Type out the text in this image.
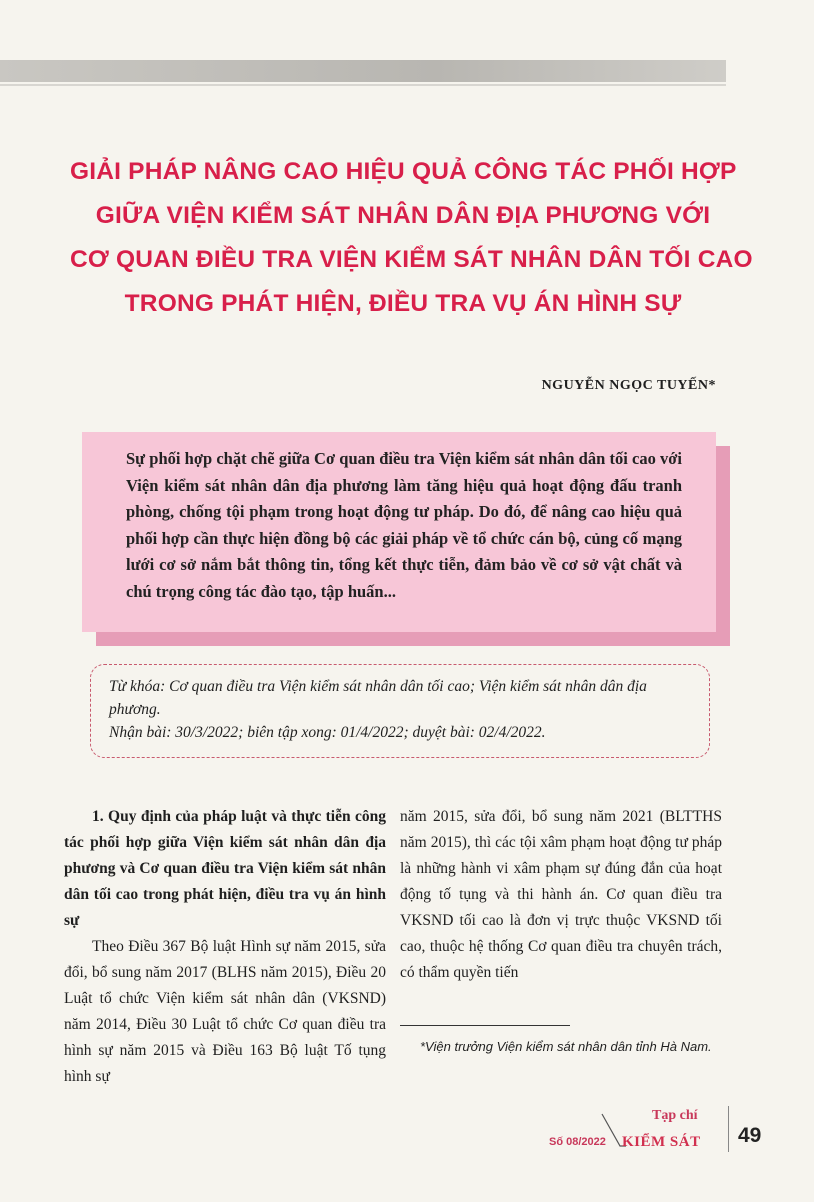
GIẢI PHÁP NÂNG CAO HIỆU QUẢ CÔNG TÁC PHỐI HỢP
GIỮA VIỆN KIỂM SÁT NHÂN DÂN ĐỊA PHƯƠNG VỚI
CƠ QUAN ĐIỀU TRA VIỆN KIỂM SÁT NHÂN DÂN TỐI CAO
TRONG PHÁT HIỆN, ĐIỀU TRA VỤ ÁN HÌNH SỰ
NGUYỄN NGỌC TUYẾN*
Sự phối hợp chặt chẽ giữa Cơ quan điều tra Viện kiểm sát nhân dân tối cao với Viện kiểm sát nhân dân địa phương làm tăng hiệu quả hoạt động đấu tranh phòng, chống tội phạm trong hoạt động tư pháp. Do đó, để nâng cao hiệu quả phối hợp cần thực hiện đồng bộ các giải pháp về tổ chức cán bộ, củng cố mạng lưới cơ sở nắm bắt thông tin, tổng kết thực tiễn, đảm bảo về cơ sở vật chất và chú trọng công tác đào tạo, tập huấn...
Từ khóa: Cơ quan điều tra Viện kiểm sát nhân dân tối cao; Viện kiểm sát nhân dân địa phương.
Nhận bài: 30/3/2022; biên tập xong: 01/4/2022; duyệt bài: 02/4/2022.
1. Quy định của pháp luật và thực tiễn công tác phối hợp giữa Viện kiểm sát nhân dân địa phương và Cơ quan điều tra Viện kiểm sát nhân dân tối cao trong phát hiện, điều tra vụ án hình sự
Theo Điều 367 Bộ luật Hình sự năm 2015, sửa đổi, bổ sung năm 2017 (BLHS năm 2015), Điều 20 Luật tổ chức Viện kiểm sát nhân dân (VKSND) năm 2014, Điều 30 Luật tổ chức Cơ quan điều tra hình sự năm 2015 và Điều 163 Bộ luật Tố tụng hình sự
năm 2015, sửa đổi, bổ sung năm 2021 (BLTTHS năm 2015), thì các tội xâm phạm hoạt động tư pháp là những hành vi xâm phạm sự đúng đắn của hoạt động tố tụng và thi hành án. Cơ quan điều tra VKSND tối cao là đơn vị trực thuộc VKSND tối cao, thuộc hệ thống Cơ quan điều tra chuyên trách, có thẩm quyền tiến
*Viện trưởng Viện kiểm sát nhân dân tỉnh Hà Nam.
Tạp chí
Số 08/2022 KIỂM SÁT 49
